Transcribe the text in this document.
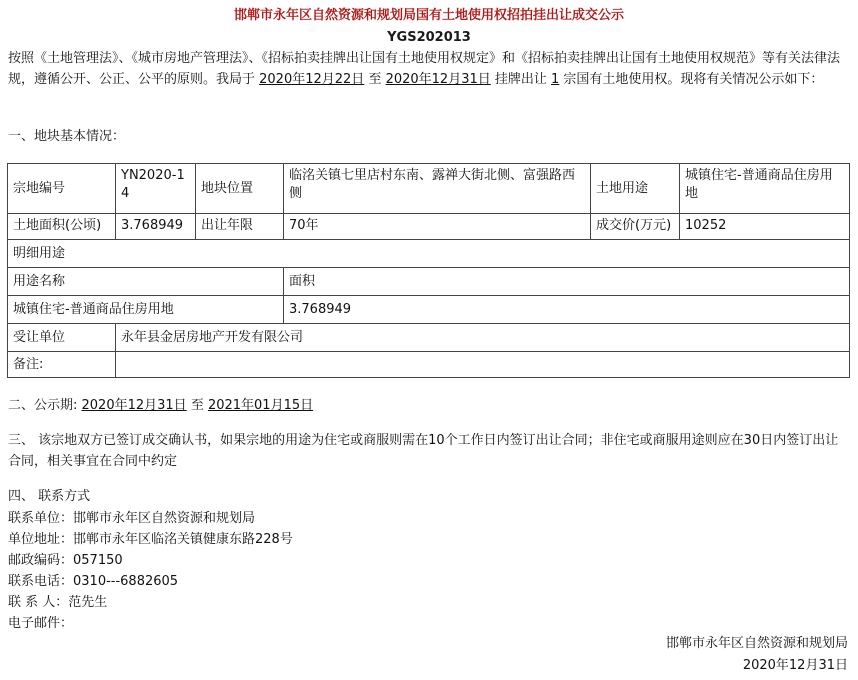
邯郸市永年区自然资源和规划局国有土地使用权招拍挂出让成交公示
YGS202013
按照《土地管理法》、《城市房地产管理法》、《招标拍卖挂牌出让国有土地使用权规定》和《招标拍卖挂牌出让国有土地使用权规范》等有关法律法规，遵循公开、公正、公平的原则。我局于 2020年12月22日 至 2020年12月31日 挂牌出让 1 宗国有土地使用权。现将有关情况公示如下：
一、地块基本情况：
宗地编号	YN2020-14	地块位置	临洺关镇七里店村东南、露禅大街北侧、富强路西侧	土地用途	城镇住宅-普通商品住房用地
土地面积(公顷)	3.768949	出让年限	70年	成交价(万元)	10252
明细用途					
用途名称			面积		
城镇住宅-普通商品住房用地			3.768949		
受让单位	永年县金居房地产开发有限公司				
备注:					
二、公示期: 2020年12月31日 至 2021年01月15日
三、 该宗地双方已签订成交确认书，如果宗地的用途为住宅或商服则需在10个工作日内签订出让合同；非住宅或商服用途则应在30日内签订出让合同，相关事宜在合同中约定
四、 联系方式
联系单位：邯郸市永年区自然资源和规划局
单位地址：邯郸市永年区临洺关镇健康东路228号
邮政编码：057150
联系电话：0310---6882605
联 系 人：范先生
电子邮件：
邯郸市永年区自然资源和规划局
2020年12月31日
